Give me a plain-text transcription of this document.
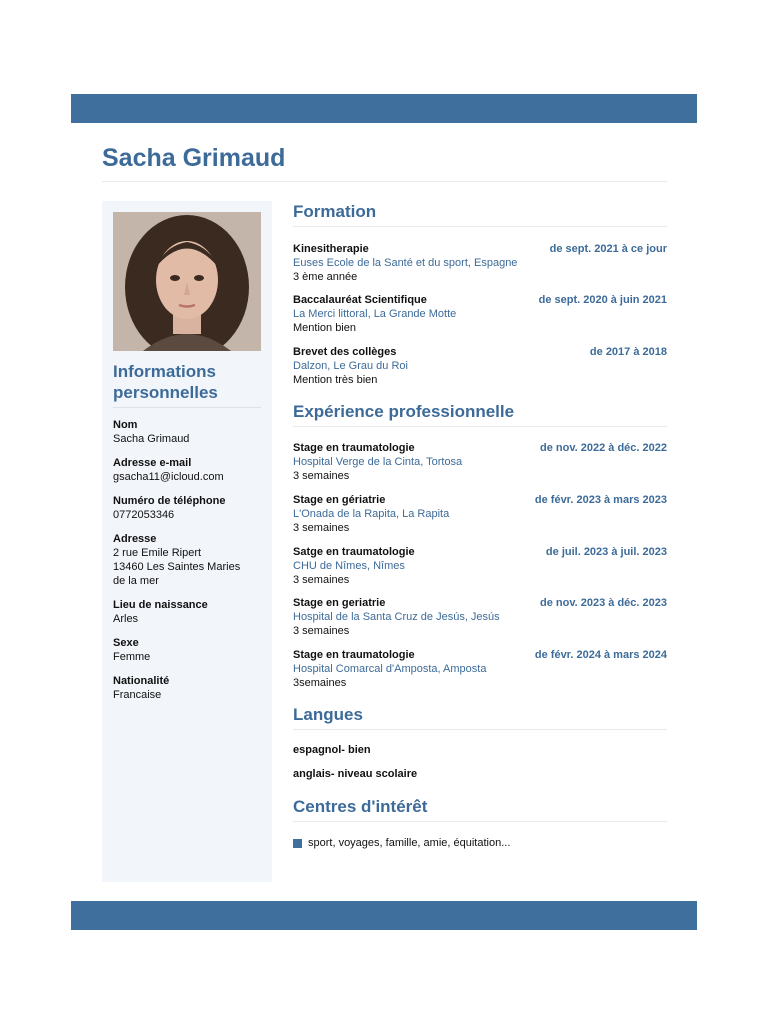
Sacha Grimaud
Informations personnelles
Nom
Sacha Grimaud
Adresse e-mail
gsacha11@icloud.com
Numéro de téléphone
0772053346
Adresse
2 rue Emile Ripert
13460 Les Saintes Maries
de la mer
Lieu de naissance
Arles
Sexe
Femme
Nationalité
Francaise
Formation
Kinesitherapie	de sept. 2021 à ce jour
Euses Ecole de la Santé et du sport, Espagne
3 ème année
Baccalauréat Scientifique	de sept. 2020 à juin 2021
La Merci littoral, La Grande Motte
Mention bien
Brevet des collèges	de 2017 à 2018
Dalzon, Le Grau du Roi
Mention très bien
Expérience professionnelle
Stage en traumatologie	de nov. 2022 à déc. 2022
Hospital Verge de la Cinta, Tortosa
3 semaines
Stage en gériatrie	de févr. 2023 à mars 2023
L'Onada de la Rapita, La Rapita
3 semaines
Satge en traumatologie	de juil. 2023 à juil. 2023
CHU de Nîmes, Nîmes
3 semaines
Stage en geriatrie	de nov. 2023 à déc. 2023
Hospital de la Santa Cruz de Jesús, Jesús
3 semaines
Stage en traumatologie	de févr. 2024 à mars 2024
Hospital Comarcal d'Amposta, Amposta
3semaines
Langues
espagnol- bien
anglais- niveau scolaire
Centres d'intérêt
sport, voyages, famille, amie, équitation...
